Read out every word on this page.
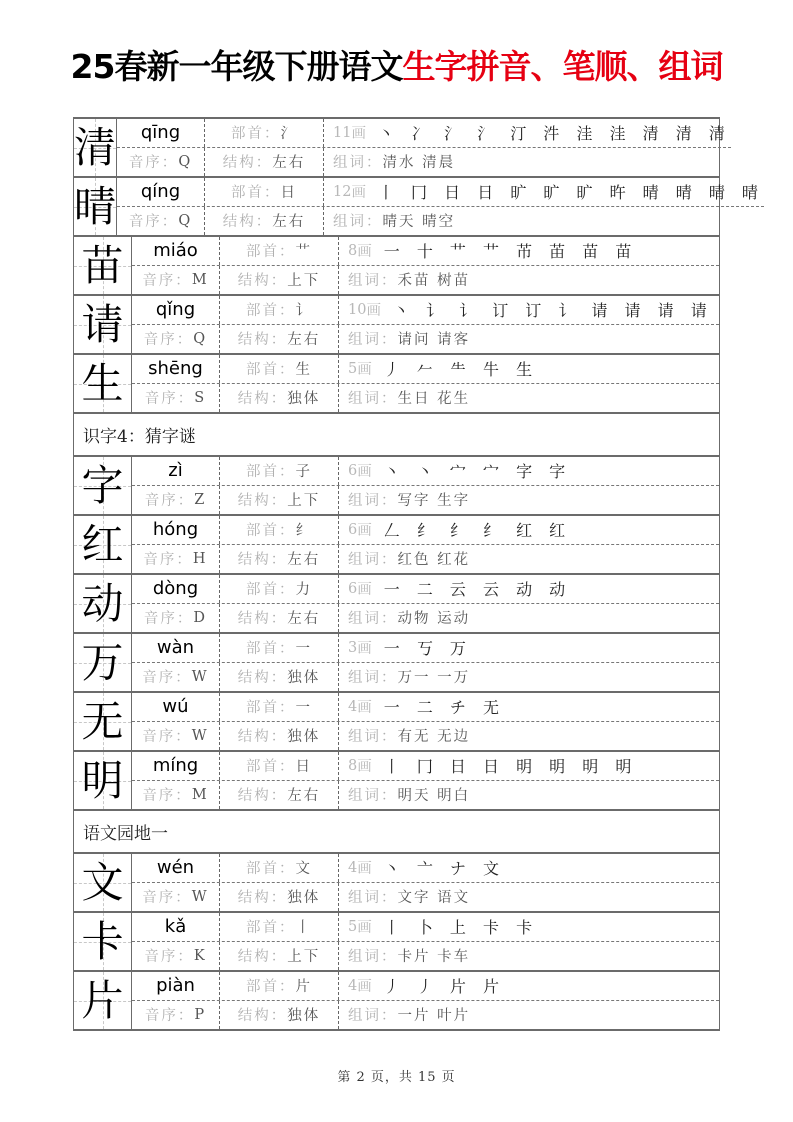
25春新一年级下册语文生字拼音、笔顺、组词
清 qīng	部首： 氵 11 画 丶 冫 氵 氵 汀 汼 洼 洼 清 清 清
音序： Q 结构： 左右 组词： 清水 清晨
晴 qíng	部首： 日 12 画 丨 冂 日 日 旷 旷 旷 旿 晴 晴 晴 晴
音序： Q 结构： 左右 组词： 晴天 晴空
苗 miáo	部首： 艹 8 画 一 十 艹 艹 芇 苖 苗 苗
音序： M 结构： 上下 组词： 禾苗 树苗
请 qǐng	部首： 讠 10 画 丶 讠 讠 订 订 讠 请 请 请 请
音序： Q 结构： 左右 组词： 请问 请客
生 shēng	部首： 生 5 画 丿 𠂉 ⺧ 牛 生
音序： S 结构： 独体 组词： 生日 花生
识字4：猜字谜
字 zì	部首： 子 6 画 丶 丶 宀 宀 字 字
音序： Z 结构： 上下 组词： 写字 生字
红 hóng	部首： 纟 6 画 𠃋 纟 纟 纟 红 红
音序： H 结构： 左右 组词： 红色 红花
动 dòng	部首： 力 6 画 一 二 云 云 动 动
音序： D 结构： 左右 组词： 动物 运动
万 wàn	部首： 一 3 画 一 丂 万
音序： W 结构： 独体 组词： 万一 一万
无 wú	部首： 一 4 画 一 二 チ 无
音序： W 结构： 独体 组词： 有无 无边
明 míng	部首： 日 8 画 丨 冂 日 日 明 明 明 明
音序： M 结构： 左右 组词： 明天 明白
语文园地一
文 wén	部首： 文 4 画 丶 亠 ナ 文
音序： W 结构： 独体 组词： 文字 语文
卡 kǎ	部首： 丨 5 画 丨 卜 上 卡 卡
音序： K 结构： 上下 组词： 卡片 卡车
片 piàn	部首： 片 4 画 丿 丿 片 片
音序： P 结构： 独体 组词： 一片 叶片
第 2 页，共 15 页
